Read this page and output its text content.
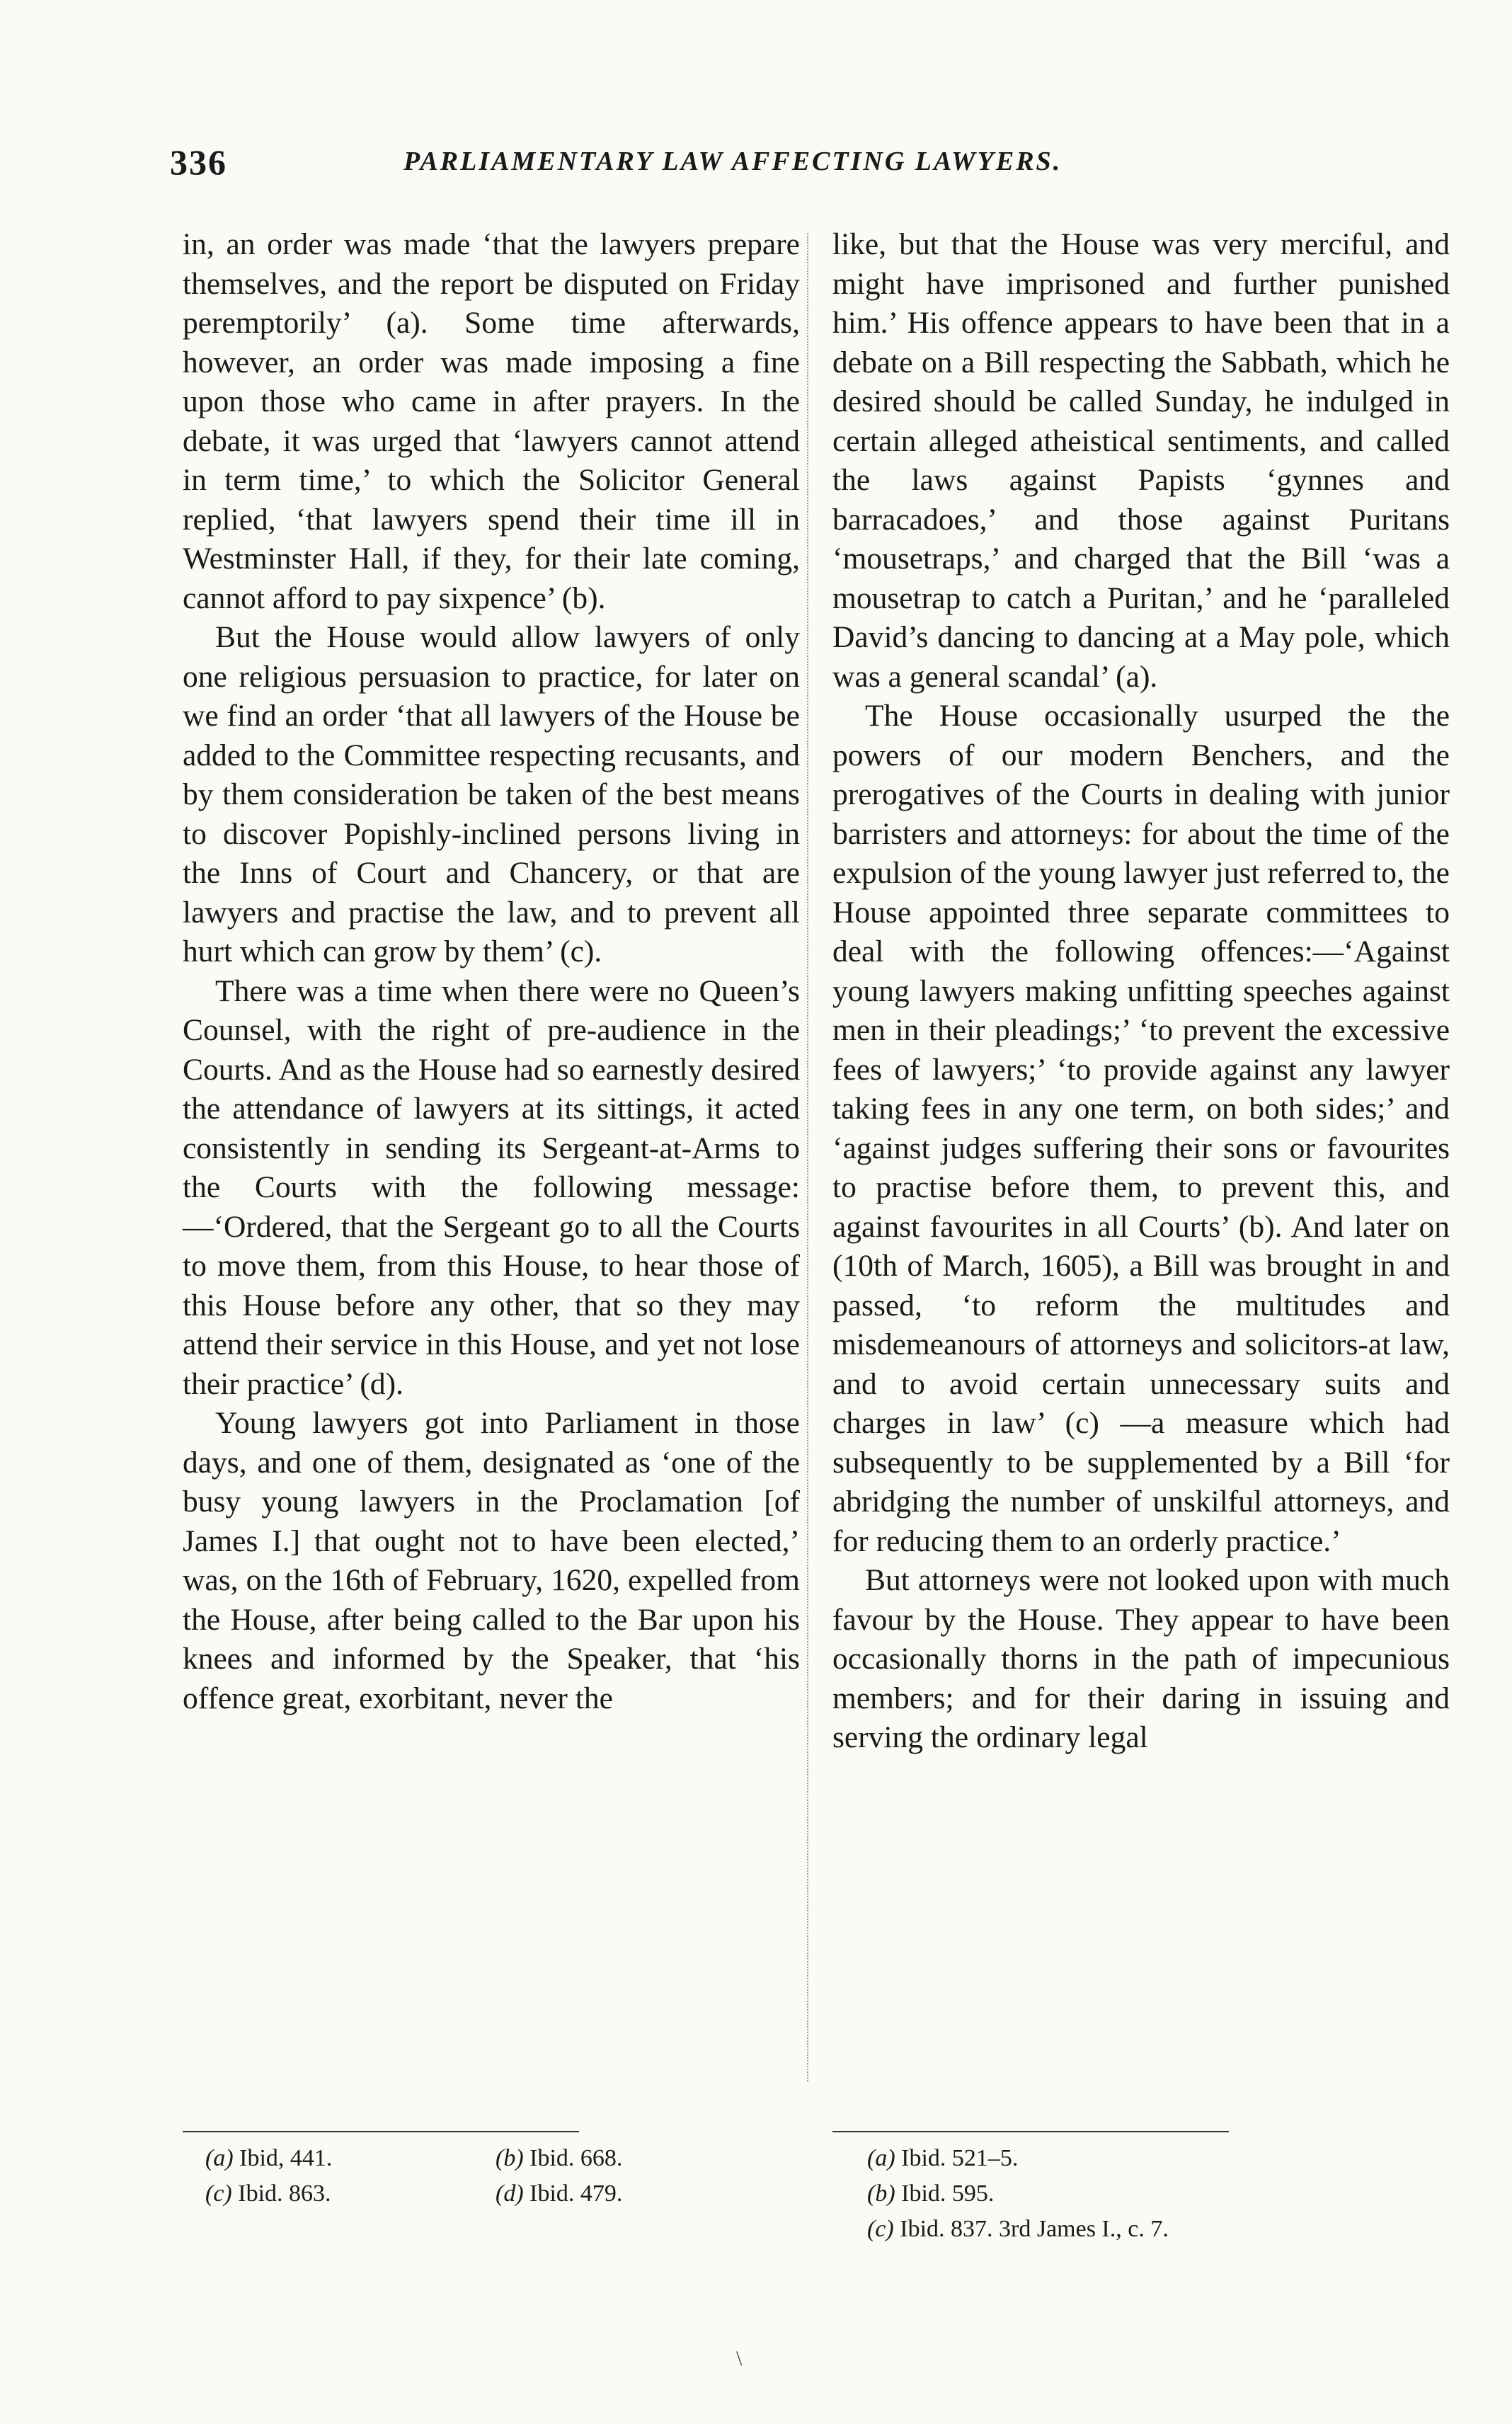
336	PARLIAMENTARY LAW AFFECTING LAWYERS.

in, an order was made ‘that the lawyers prepare themselves, and the report be disputed on Friday peremptorily’ (a). Some time afterwards, however, an order was made imposing a fine upon those who came in after prayers. In the debate, it was urged that ‘lawyers cannot attend in term time,’ to which the Solicitor General replied, ‘that lawyers spend their time ill in Westminster Hall, if they, for their late coming, cannot afford to pay sixpence’ (b).

But the House would allow lawyers of only one religious persuasion to practice, for later on we find an order ‘that all lawyers of the House be added to the Committee respecting recusants, and by them consideration be taken of the best means to discover Popishly-inclined persons living in the Inns of Court and Chancery, or that are lawyers and practise the law, and to prevent all hurt which can grow by them’ (c).

There was a time when there were no Queen’s Counsel, with the right of pre-audience in the Courts. And as the House had so earnestly desired the attendance of lawyers at its sittings, it acted consistently in sending its Sergeant-at-Arms to the Courts with the following message:—‘Ordered, that the Sergeant go to all the Courts to move them, from this House, to hear those of this House before any other, that so they may attend their service in this House, and yet not lose their practice’ (d).

Young lawyers got into Parliament in those days, and one of them, designated as ‘one of the busy young lawyers in the Proclamation [of James I.] that ought not to have been elected,’ was, on the 16th of February, 1620, expelled from the House, after being called to the Bar upon his knees and informed by the Speaker, that ‘his offence great, exorbitant, never the

like, but that the House was very merciful, and might have imprisoned and further punished him.’ His offence appears to have been that in a debate on a Bill respecting the Sabbath, which he desired should be called Sunday, he indulged in certain alleged atheistical sentiments, and called the laws against Papists ‘gynnes and barracadoes,’ and those against Puritans ‘mousetraps,’ and charged that the Bill ‘was a mousetrap to catch a Puritan,’ and he ‘paralleled David’s dancing to dancing at a May pole, which was a general scandal’ (a).

The House occasionally usurped the the powers of our modern Benchers, and the prerogatives of the Courts in dealing with junior barristers and attorneys: for about the time of the expulsion of the young lawyer just referred to, the House appointed three separate committees to deal with the following offences:—‘Against young lawyers making unfitting speeches against men in their pleadings;’ ‘to prevent the excessive fees of lawyers;’ ‘to provide against any lawyer taking fees in any one term, on both sides;’ and ‘against judges suffering their sons or favourites to practise before them, to prevent this, and against favourites in all Courts’ (b). And later on (10th of March, 1605), a Bill was brought in and passed, ‘to reform the multitudes and misdemeanours of attorneys and solicitors-at law, and to avoid certain unnecessary suits and charges in law’ (c) —a measure which had subsequently to be supplemented by a Bill ‘for abridging the number of unskilful attorneys, and for reducing them to an orderly practice.’

But attorneys were not looked upon with much favour by the House. They appear to have been occasionally thorns in the path of impecunious members; and for their daring in issuing and serving the ordinary legal

(a) Ibid, 441.	(b) Ibid. 668.
(c) Ibid. 863.	(d) Ibid. 479.
(a) Ibid. 521–5.
(b) Ibid. 595.
(c) Ibid. 837. 3rd James I., c. 7.
\
